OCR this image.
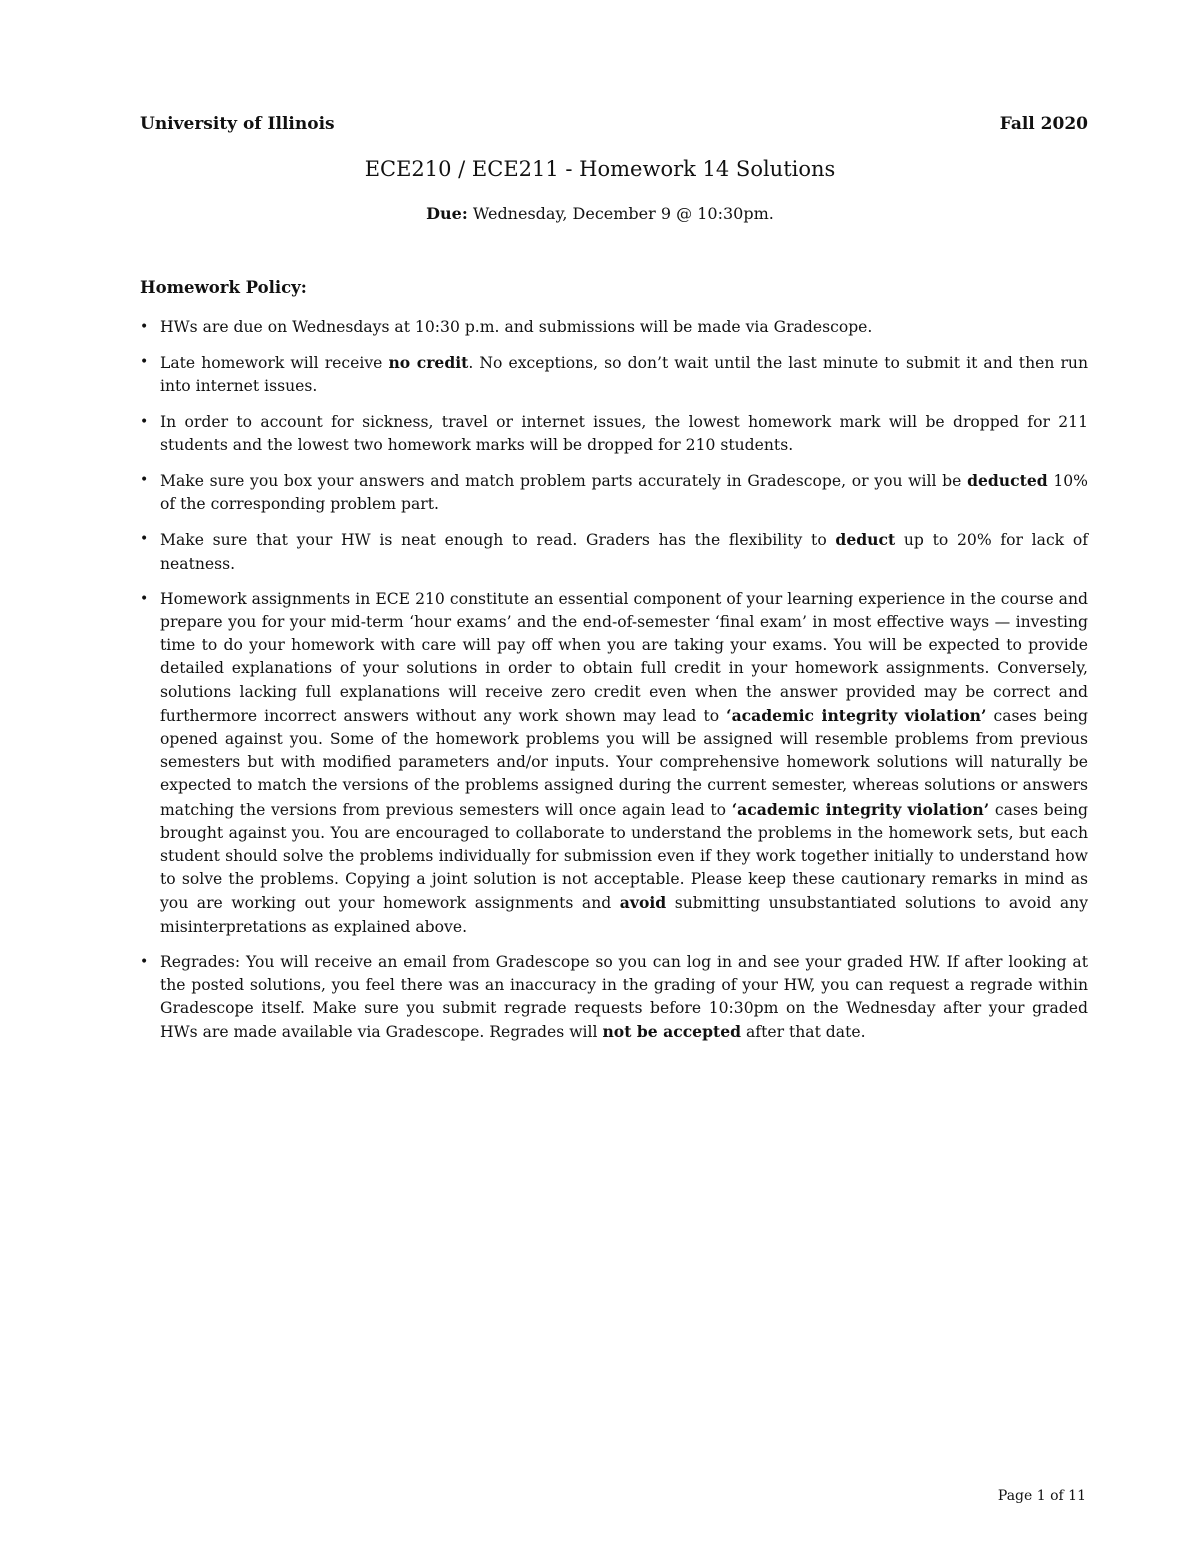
University of Illinois	Fall 2020
ECE210 / ECE211 - Homework 14 Solutions
Due: Wednesday, December 9 @ 10:30pm.
Homework Policy:
• HWs are due on Wednesdays at 10:30 p.m. and submissions will be made via Gradescope.
• Late homework will receive no credit. No exceptions, so don’t wait until the last minute to submit it and then run into internet issues.
• In order to account for sickness, travel or internet issues, the lowest homework mark will be dropped for 211 students and the lowest two homework marks will be dropped for 210 students.
• Make sure you box your answers and match problem parts accurately in Gradescope, or you will be deducted 10% of the corresponding problem part.
• Make sure that your HW is neat enough to read. Graders has the flexibility to deduct up to 20% for lack of neatness.
• Homework assignments in ECE 210 constitute an essential component of your learning experience in the course and prepare you for your mid-term ‘hour exams’ and the end-of-semester ‘final exam’ in most effective ways — investing time to do your homework with care will pay off when you are taking your exams. You will be expected to provide detailed explanations of your solutions in order to obtain full credit in your homework assignments. Conversely, solutions lacking full explanations will receive zero credit even when the answer provided may be correct and furthermore incorrect answers without any work shown may lead to ‘academic integrity violation’ cases being opened against you. Some of the homework problems you will be assigned will resemble problems from previous semesters but with modified parameters and/or inputs. Your comprehensive homework solutions will naturally be expected to match the versions of the problems assigned during the current semester, whereas solutions or answers matching the versions from previous semesters will once again lead to ‘academic integrity violation’ cases being brought against you. You are encouraged to collaborate to understand the problems in the homework sets, but each student should solve the problems individually for submission even if they work together initially to understand how to solve the problems. Copying a joint solution is not acceptable. Please keep these cautionary remarks in mind as you are working out your homework assignments and avoid submitting unsubstantiated solutions to avoid any misinterpretations as explained above.
• Regrades: You will receive an email from Gradescope so you can log in and see your graded HW. If after looking at the posted solutions, you feel there was an inaccuracy in the grading of your HW, you can request a regrade within Gradescope itself. Make sure you submit regrade requests before 10:30pm on the Wednesday after your graded HWs are made available via Gradescope. Regrades will not be accepted after that date.
Page 1 of 11
